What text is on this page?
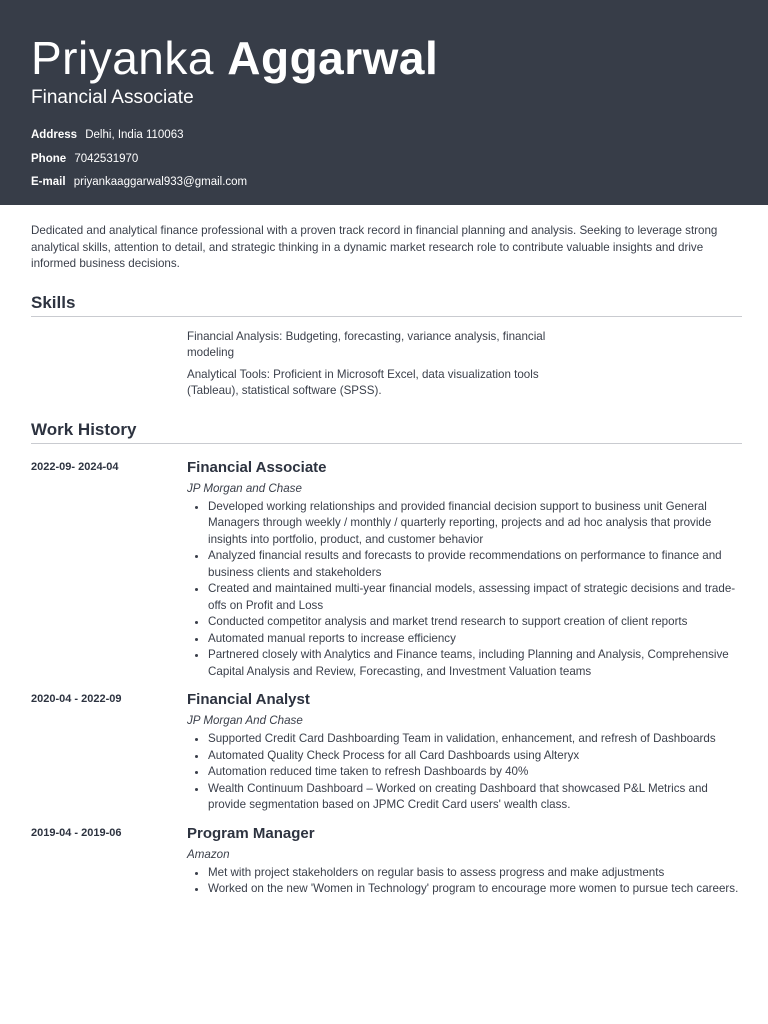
Priyanka Aggarwal
Financial Associate
Address Delhi, India 110063
Phone 7042531970
E-mail priyankaaggarwal933@gmail.com
Dedicated and analytical finance professional with a proven track record in financial planning and analysis. Seeking to leverage strong analytical skills, attention to detail, and strategic thinking in a dynamic market research role to contribute valuable insights and drive informed business decisions.
Skills
Financial Analysis: Budgeting, forecasting, variance analysis, financial modeling
Analytical Tools: Proficient in Microsoft Excel, data visualization tools (Tableau), statistical software (SPSS).
Work History
2022-09- 2024-04	Financial Associate
JP Morgan and Chase
• Developed working relationships and provided financial decision support to business unit General Managers through weekly / monthly / quarterly reporting, projects and ad hoc analysis that provide insights into portfolio, product, and customer behavior
• Analyzed financial results and forecasts to provide recommendations on performance to finance and business clients and stakeholders
• Created and maintained multi-year financial models, assessing impact of strategic decisions and trade-offs on Profit and Loss
• Conducted competitor analysis and market trend research to support creation of client reports
• Automated manual reports to increase efficiency
• Partnered closely with Analytics and Finance teams, including Planning and Analysis, Comprehensive Capital Analysis and Review, Forecasting, and Investment Valuation teams
2020-04 - 2022-09	Financial Analyst
JP Morgan And Chase
• Supported Credit Card Dashboarding Team in validation, enhancement, and refresh of Dashboards
• Automated Quality Check Process for all Card Dashboards using Alteryx
• Automation reduced time taken to refresh Dashboards by 40%
• Wealth Continuum Dashboard – Worked on creating Dashboard that showcased P&L Metrics and provide segmentation based on JPMC Credit Card users' wealth class.
2019-04 - 2019-06	Program Manager
Amazon
• Met with project stakeholders on regular basis to assess progress and make adjustments
• Worked on the new 'Women in Technology' program to encourage more women to pursue tech careers.
